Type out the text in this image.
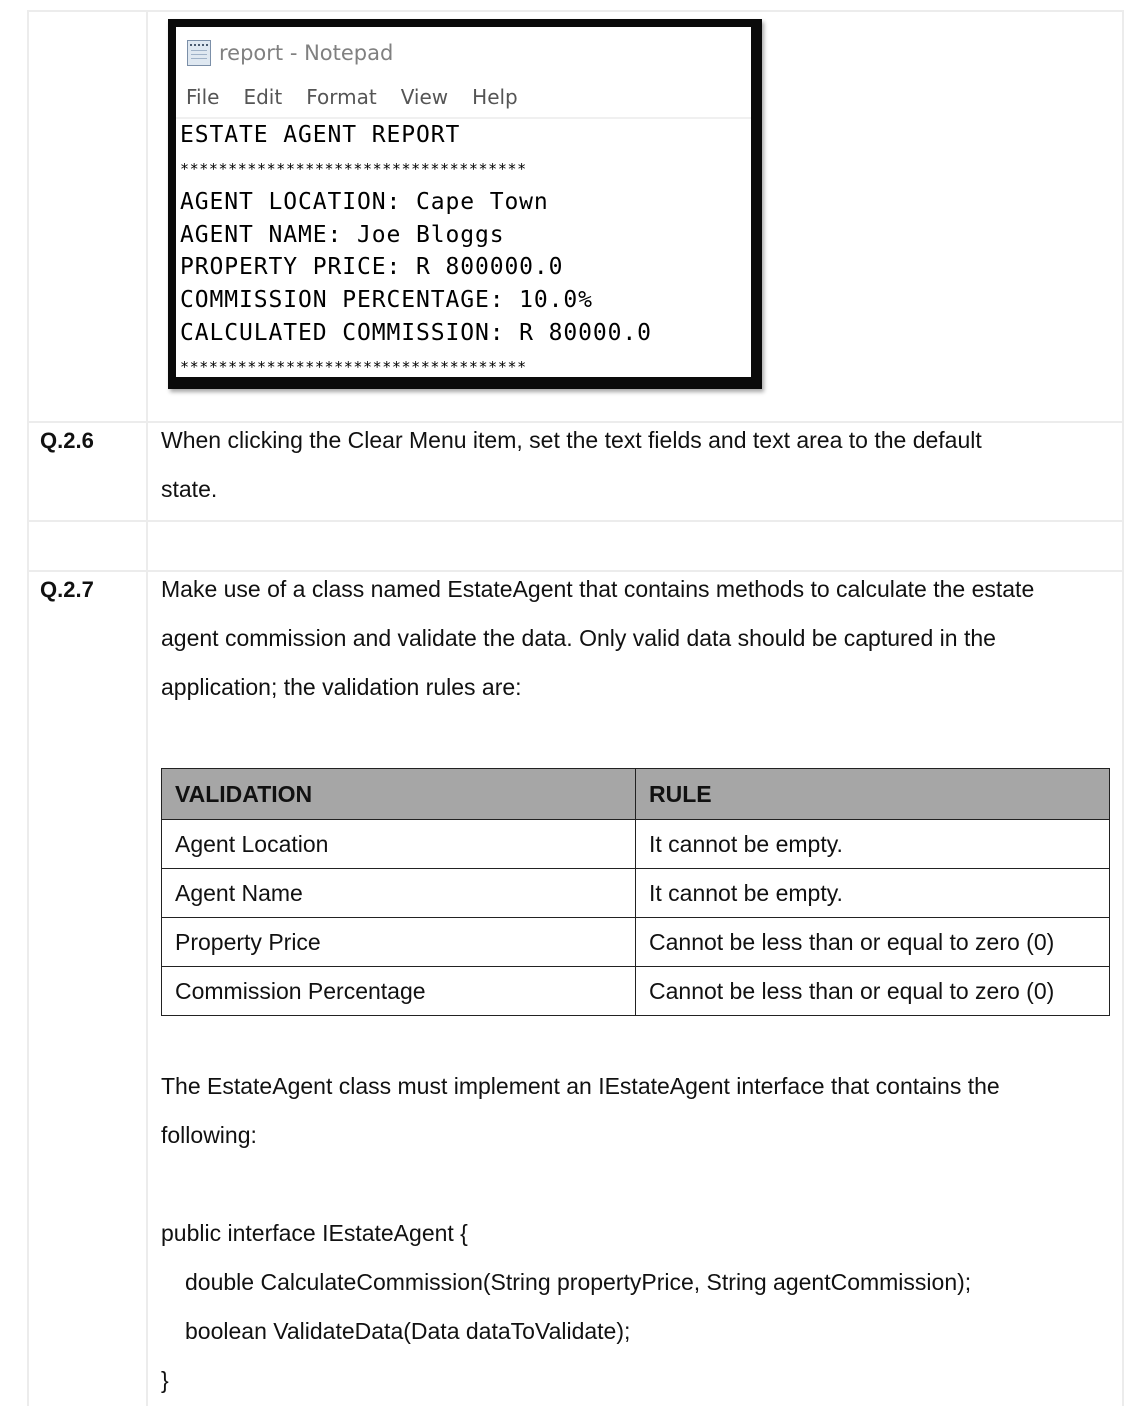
report - Notepad
File Edit Format View Help
ESTATE AGENT REPORT
************************************
AGENT LOCATION: Cape Town
AGENT NAME: Joe Bloggs
PROPERTY PRICE: R 800000.0
COMMISSION PERCENTAGE: 10.0%
CALCULATED COMMISSION: R 80000.0
************************************
Q.2.6	When clicking the Clear Menu item, set the text fields and text area to the default

state.

Q.2.7	Make use of a class named EstateAgent that contains methods to calculate the estate

agent commission and validate the data. Only valid data should be captured in the

application; the validation rules are:

VALIDATION	RULE
Agent Location	It cannot be empty.
Agent Name	It cannot be empty.
Property Price	Cannot be less than or equal to zero (0)
Commission Percentage	Cannot be less than or equal to zero (0)

The EstateAgent class must implement an IEstateAgent interface that contains the

following:

public interface IEstateAgent {
double CalculateCommission(String propertyPrice, String agentCommission);
boolean ValidateData(Data dataToValidate);
}
